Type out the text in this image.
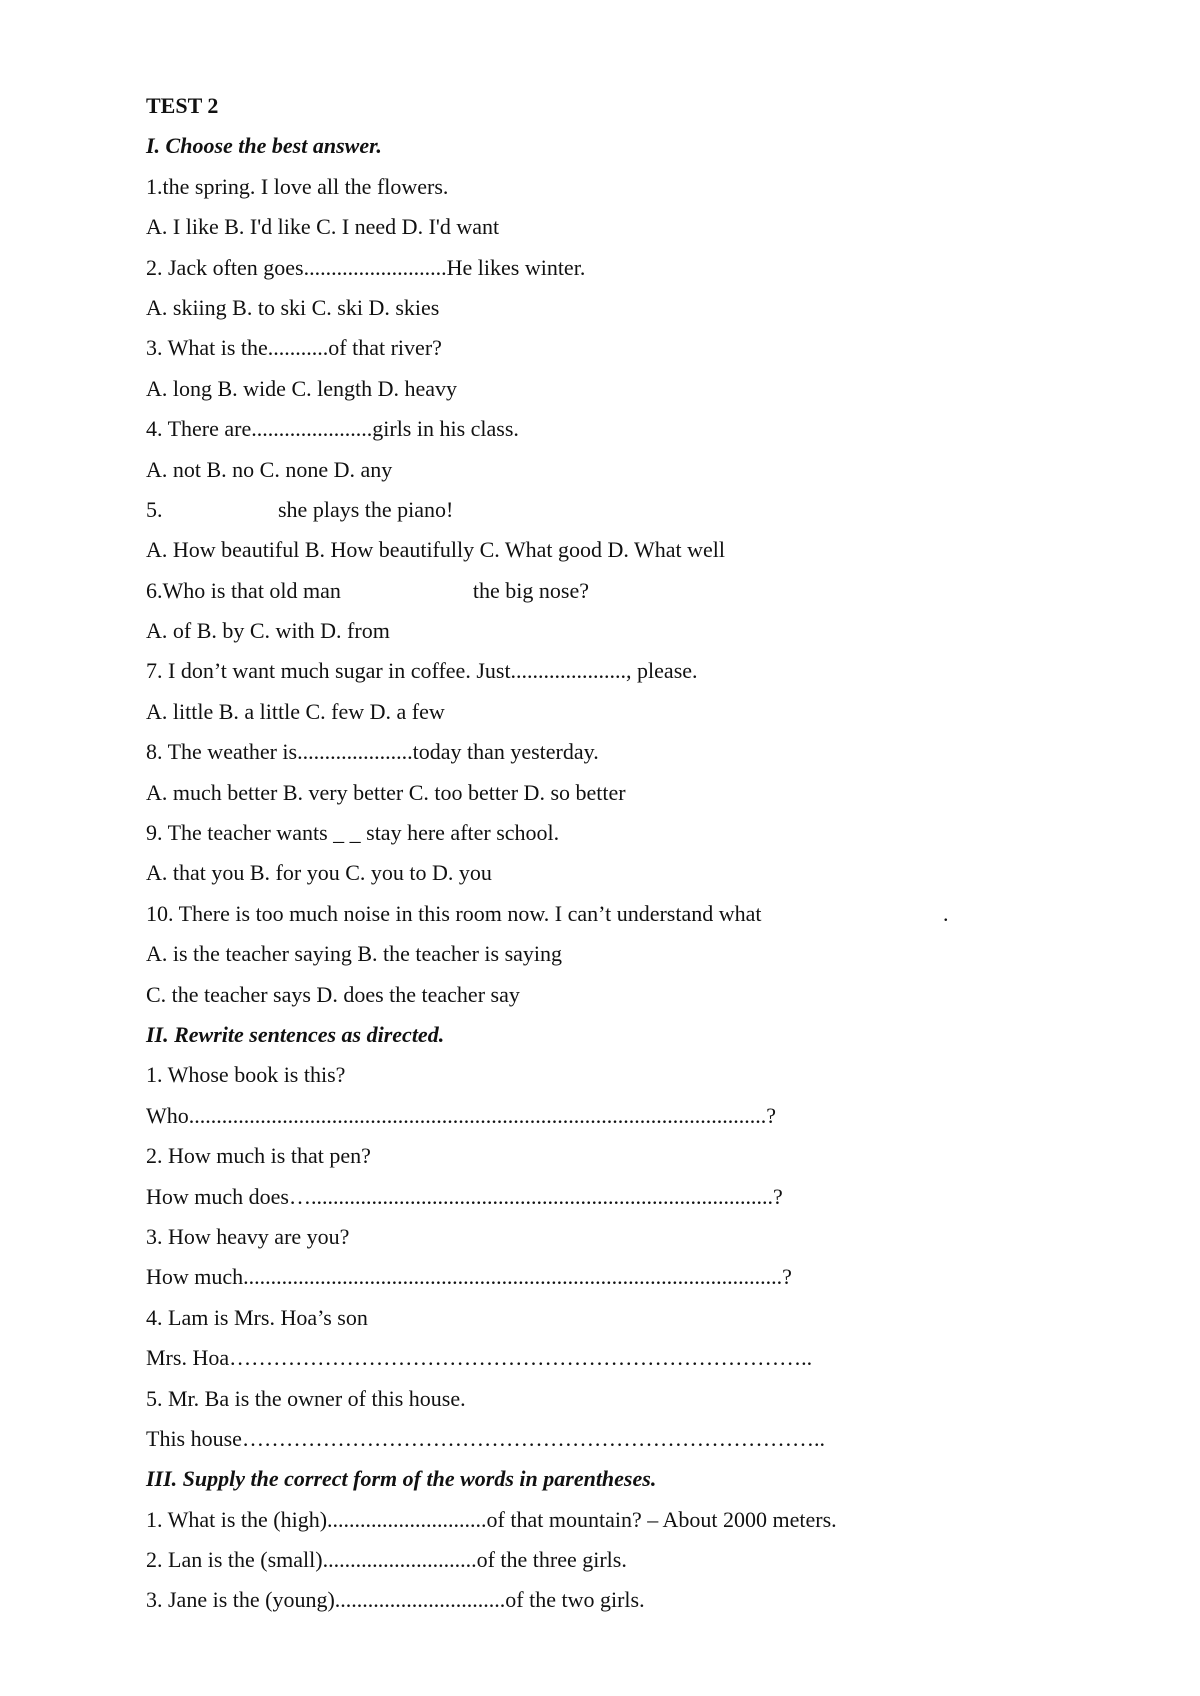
TEST 2
I. Choose the best answer.
1.the spring. I love all the flowers.
A. I like B. I'd like C. I need D. I'd want
2. Jack often goes..........................He likes winter.
A. skiing B. to ski C. ski D. skies
3. What is the...........of that river?
A. long B. wide C. length D. heavy
4. There are......................girls in his class.
A. not B. no C. none D. any
5.                     she plays the piano!
A. How beautiful B. How beautifully C. What good D. What well
6.Who is that old man                        the big nose?
A. of B. by C. with D. from
7. I don’t want much sugar in coffee. Just....................., please.
A. little B. a little C. few D. a few
8. The weather is.....................today than yesterday.
A. much better B. very better C. too better D. so better
9. The teacher wants _ _ stay here after school.
A. that you B. for you C. you to D. you
10. There is too much noise in this room now. I can’t understand what                                 .
A. is the teacher saying B. the teacher is saying
C. the teacher says D. does the teacher say
II. Rewrite sentences as directed.
1. Whose book is this?
Who.........................................................................................................?
2. How much is that pen?
How much does…....................................................................................?
3. How heavy are you?
How much..................................................................................................?
4. Lam is Mrs. Hoa’s son
Mrs. Hoa……………………………………………………………………..
5. Mr. Ba is the owner of this house.
This house……………………………………………………………………..
III. Supply the correct form of the words in parentheses.
1. What is the (high).............................of that mountain? – About 2000 meters.
2. Lan is the (small)............................of the three girls.
3. Jane is the (young)...............................of the two girls.
